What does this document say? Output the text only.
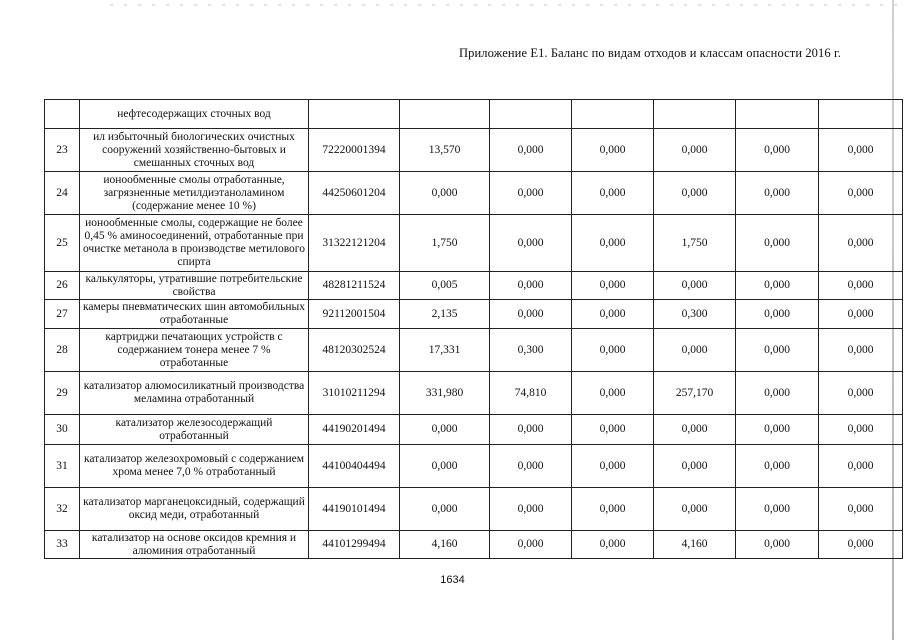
Приложение Е1. Баланс по видам отходов и классам опасности 2016 г.
	нефтесодержащих сточных вод							
23	ил избыточный биологических очистных сооружений хозяйственно-бытовых и смешанных сточных вод	72220001394	13,570	0,000	0,000	0,000	0,000	0,000
24	ионообменные смолы отработанные, загрязненные метилдиэтаноламином (содержание менее 10 %)	44250601204	0,000	0,000	0,000	0,000	0,000	0,000
25	ионообменные смолы, содержащие не более 0,45 % аминосоединений, отработанные при очистке метанола в производстве метилового спирта	31322121204	1,750	0,000	0,000	1,750	0,000	0,000
26	калькуляторы, утратившие потребительские свойства	48281211524	0,005	0,000	0,000	0,000	0,000	0,000
27	камеры пневматических шин автомобильных отработанные	92112001504	2,135	0,000	0,000	0,300	0,000	0,000
28	картриджи печатающих устройств с содержанием тонера менее 7 % отработанные	48120302524	17,331	0,300	0,000	0,000	0,000	0,000
29	катализатор алюмосиликатный производства меламина отработанный	31010211294	331,980	74,810	0,000	257,170	0,000	0,000
30	катализатор железосодержащий отработанный	44190201494	0,000	0,000	0,000	0,000	0,000	0,000
31	катализатор железохромовый с содержанием хрома менее 7,0 % отработанный	44100404494	0,000	0,000	0,000	0,000	0,000	0,000
32	катализатор марганецоксидный, содержащий оксид меди, отработанный	44190101494	0,000	0,000	0,000	0,000	0,000	0,000
33	катализатор на основе оксидов кремния и алюминия отработанный	44101299494	4,160	0,000	0,000	4,160	0,000	0,000
1634
